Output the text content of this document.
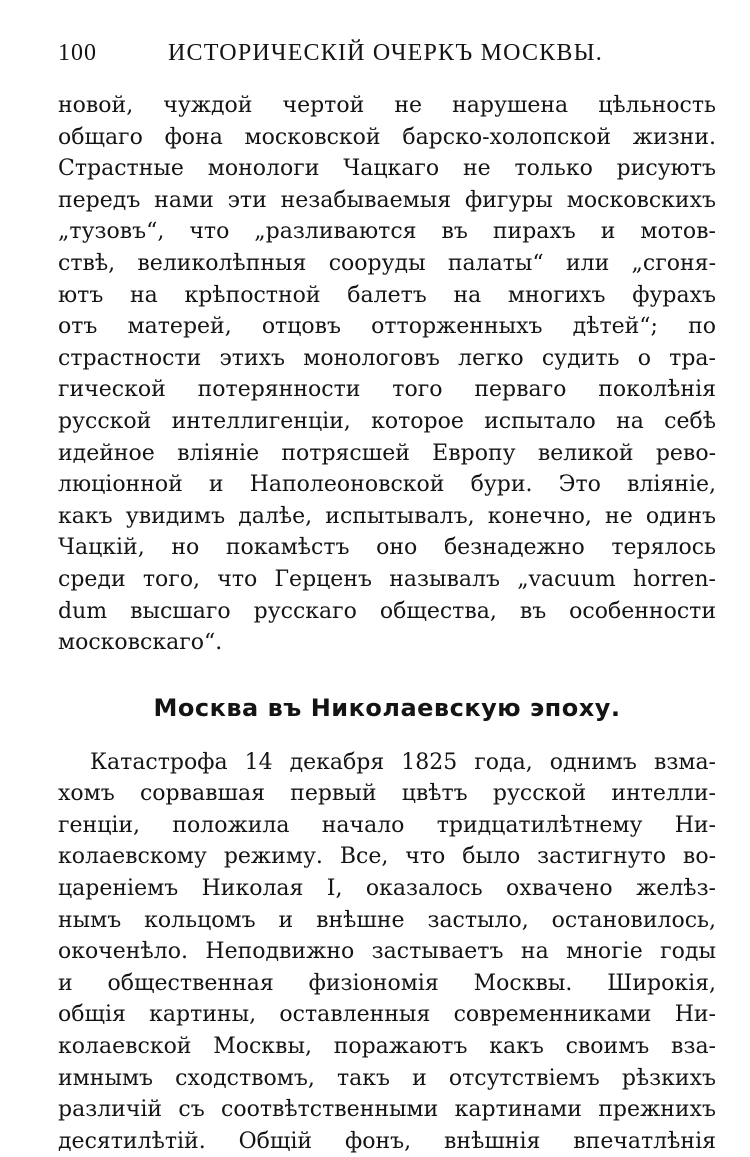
100	ИСТОРИЧЕСКІЙ ОЧЕРКЪ МОСКВЫ.
новой, чуждой чертой не нарушена цѣльность
общаго фона московской барско-холопской жизни.
Страстные монологи Чацкаго не только рисуютъ
передъ нами эти незабываемыя фигуры московскихъ
„тузовъ“, что „разливаются въ пирахъ и мотов-
ствѣ, великолѣпныя сооруды палаты“ или „сгоня-
ютъ на крѣпостной балетъ на многихъ фурахъ
отъ матерей, отцовъ отторженныхъ дѣтей“; по
страстности этихъ монологовъ легко судить о тра-
гической потерянности того перваго поколѣнія
русской интеллигенціи, которое испытало на себѣ
идейное вліяніе потрясшей Европу великой рево-
люціонной и Наполеоновской бури. Это вліяніе,
какъ увидимъ далѣе, испытывалъ, конечно, не одинъ
Чацкій, но покамѣстъ оно безнадежно терялось
среди того, что Герценъ называлъ „vacuum horren-
dum высшаго русскаго общества, въ особенности
московскаго“.
Москва въ Николаевскую эпоху.
Катастрофа 14 декабря 1825 года, однимъ взма-
хомъ сорвавшая первый цвѣтъ русской интелли-
генціи, положила начало тридцатилѣтнему Ни-
колаевскому режиму. Все, что было застигнуто во-
цареніемъ Николая I, оказалось охвачено желѣз-
нымъ кольцомъ и внѣшне застыло, остановилось,
окоченѣло. Неподвижно застываетъ на многіе годы
и общественная физіономія Москвы. Широкія,
общія картины, оставленныя современниками Ни-
колаевской Москвы, поражаютъ какъ своимъ вза-
имнымъ сходствомъ, такъ и отсутствіемъ рѣзкихъ
различій съ соотвѣтственными картинами прежнихъ
десятилѣтій. Общій фонъ, внѣшнія впечатлѣнія
